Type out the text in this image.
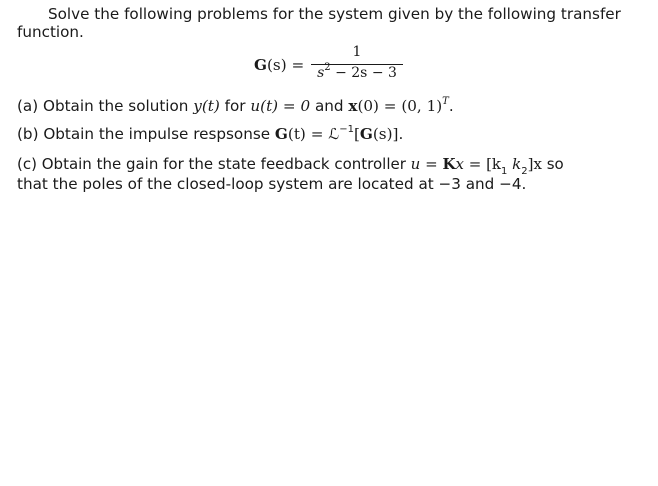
Solve the following problems for the system given by the following transfer
function.
G(s) =
1
$s^2 - 2s - 3$
(a) Obtain the solution y(t) for u(t) = 0 and x(0) = (0, 1)$^T$.
(b) Obtain the impulse respsonse G(t) = ℒ$^{-1}$[G(s)].
(c) Obtain the gain for the state feedback controller $u = Kx = [k_1$ $k_2]x$ so
that the poles of the closed-loop system are located at −3 and −4.
